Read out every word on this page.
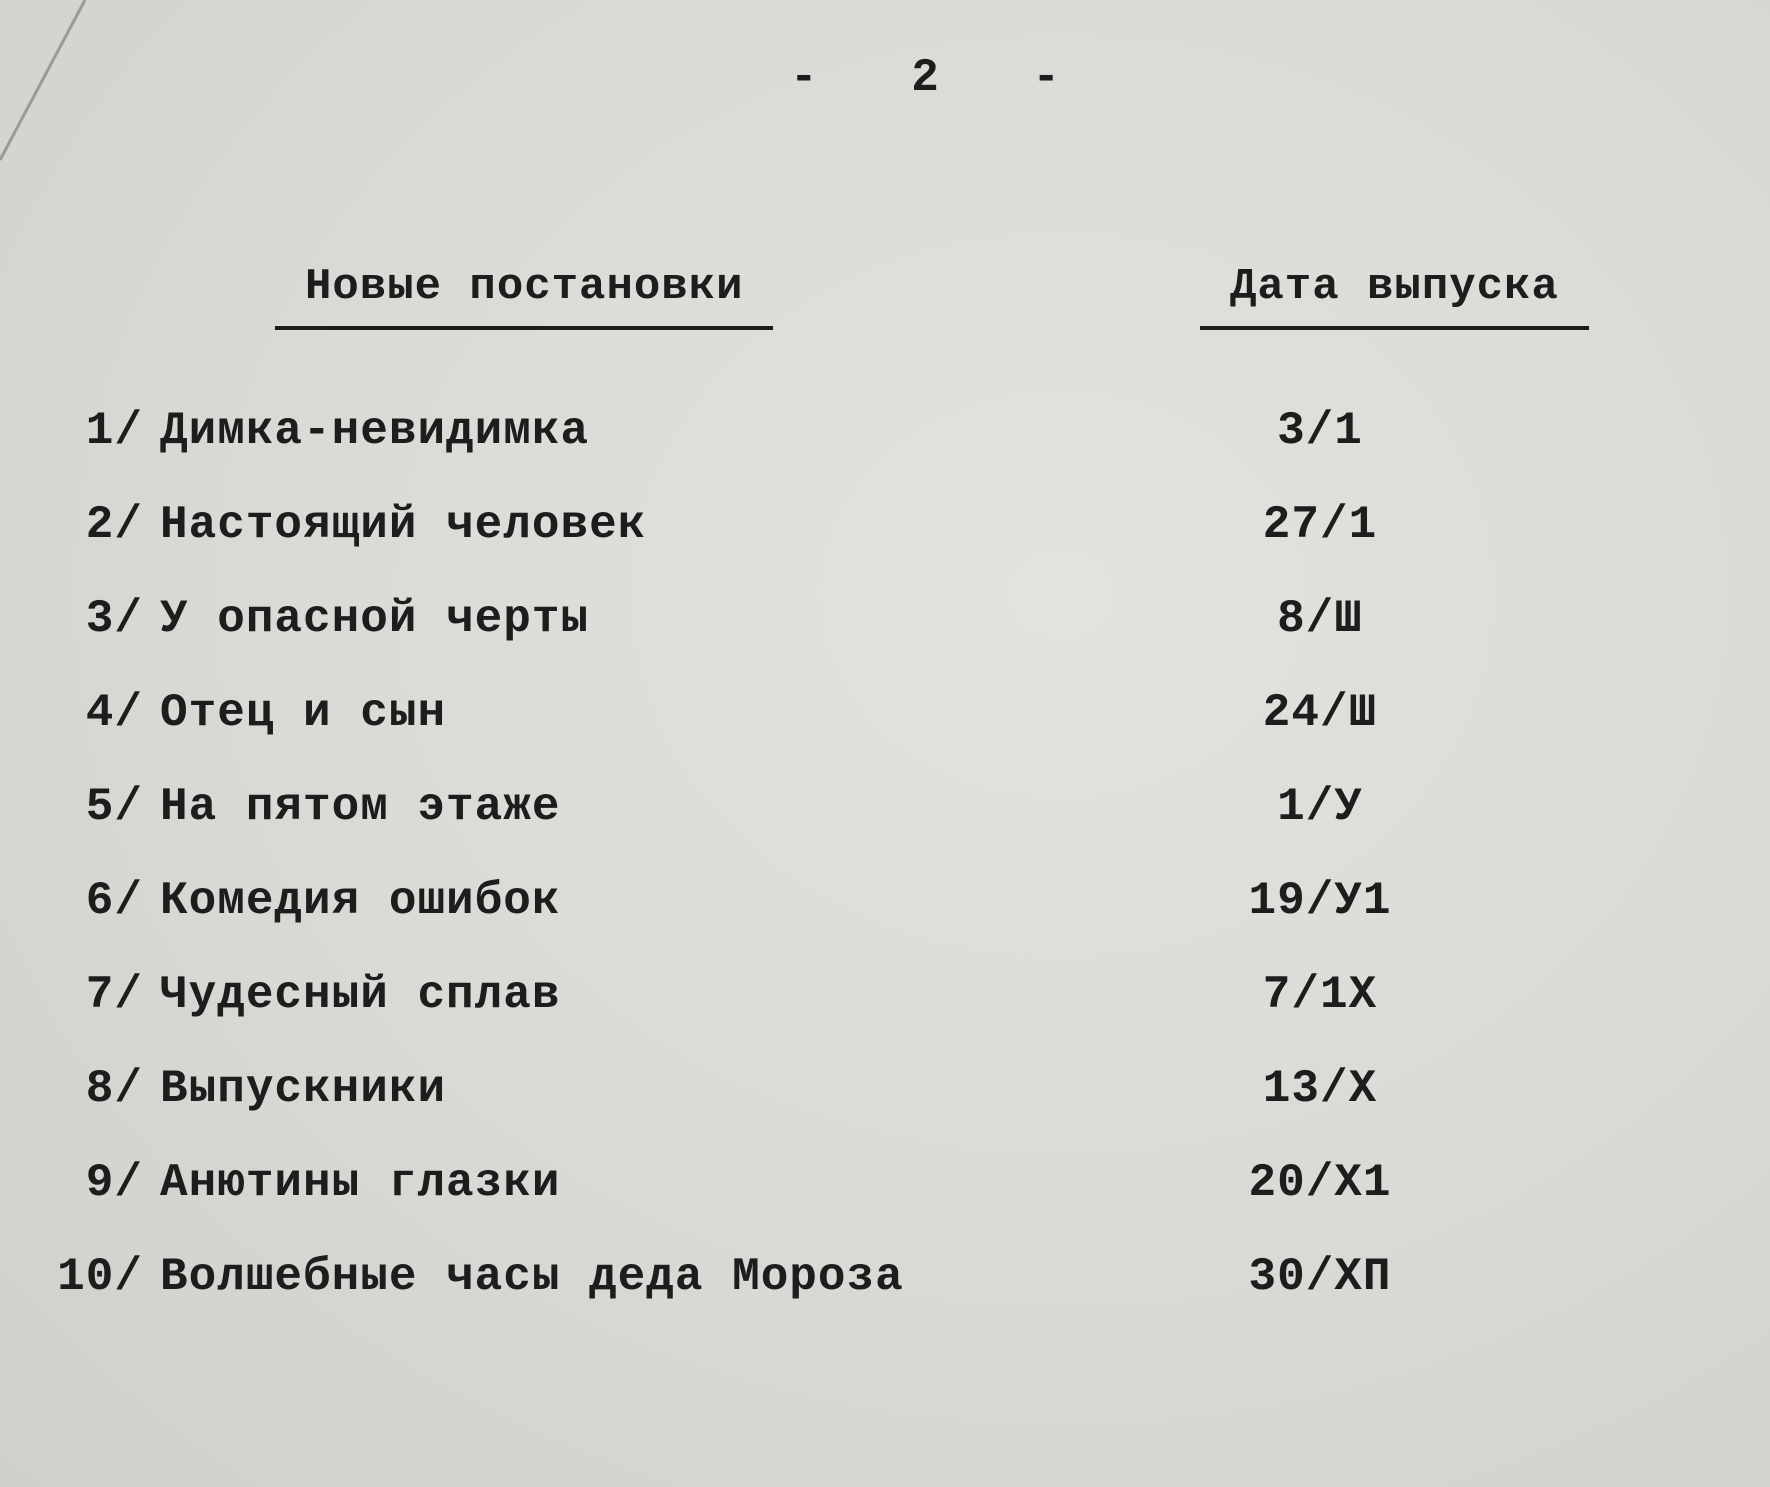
- 2 -
Новые постановки	Дата выпуска
1/ Димка-невидимка	3/1
2/ Настоящий человек	27/1
3/ У опасной черты	8/Ш
4/ Отец и сын	24/Ш
5/ На пятом этаже	1/У
6/ Комедия ошибок	19/У1
7/ Чудесный сплав	7/1Х
8/ Выпускники	13/Х
9/ Анютины глазки	20/Х1
10/ Волшебные часы деда Мороза	30/ХП
